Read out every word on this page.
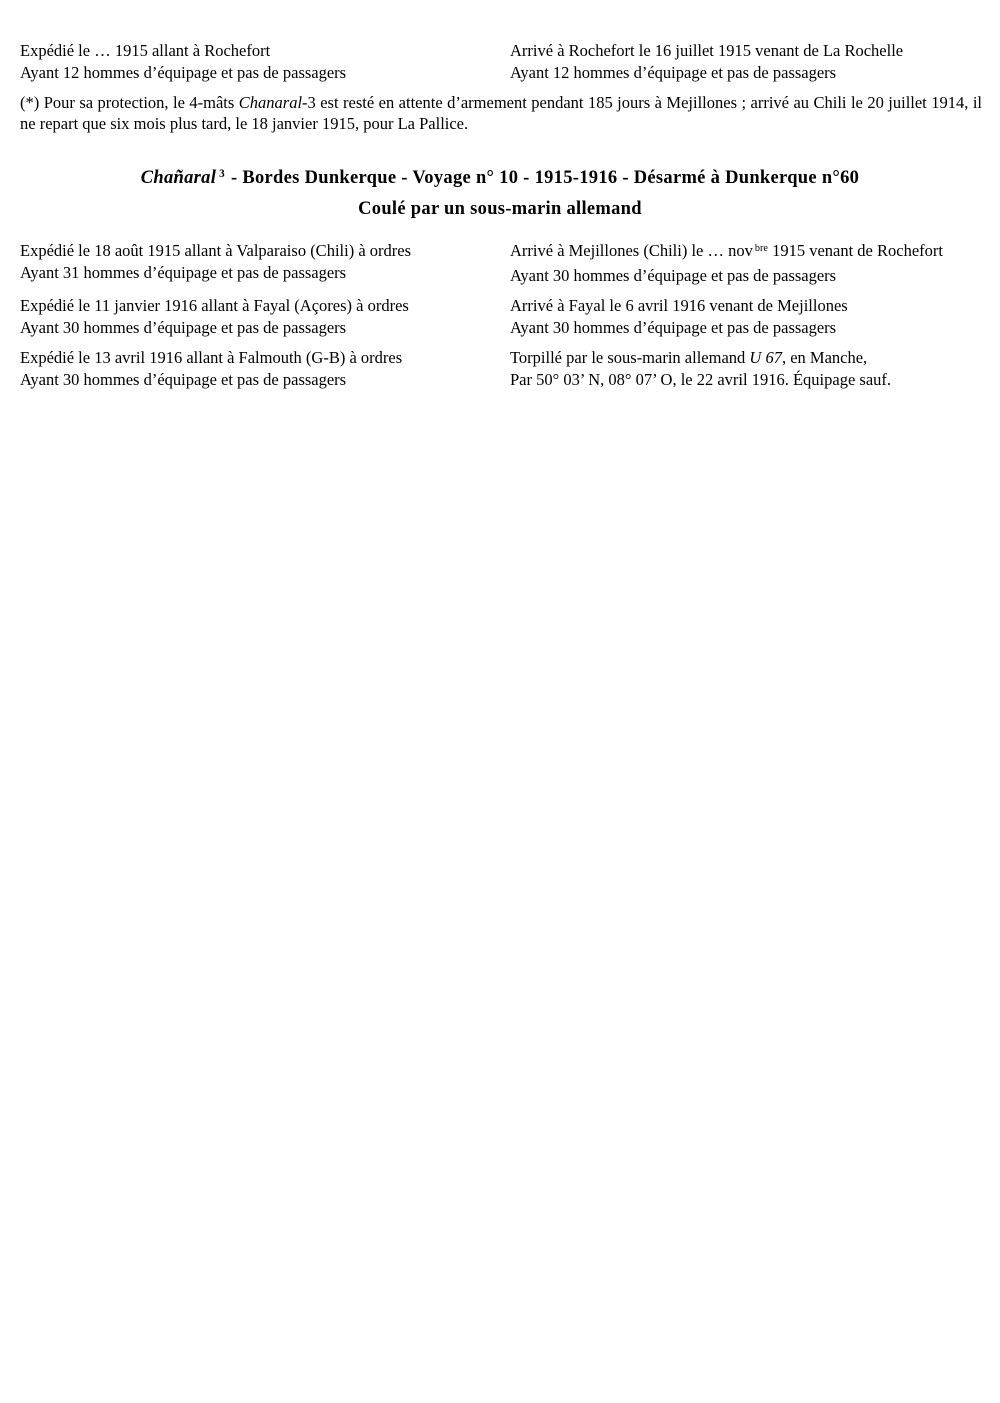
Expédié le … 1915 allant à Rochefort
Ayant 12 hommes d’équipage et pas de passagers
Arrivé à Rochefort le 16 juillet 1915 venant de La Rochelle
Ayant 12 hommes d’équipage et pas de passagers
(*) Pour sa protection, le 4-mâts Chanaral-3 est resté en attente d’armement pendant 185 jours à Mejillones ; arrivé au Chili le 20 juillet 1914, il ne repart que six mois plus tard, le 18 janvier 1915, pour La Pallice.
Chañaral $^3$ - Bordes Dunkerque - Voyage n° 10 - 1915-1916 - Désarmé à Dunkerque n°60
Coulé par un sous-marin allemand
Expédié le 18 août 1915 allant à Valparaiso (Chili) à ordres
Ayant 31 hommes d’équipage et pas de passagers
Arrivé à Mejillones (Chili) le … nov $^{bre}$ 1915 venant de Rochefort
Ayant 30 hommes d’équipage et pas de passagers
Expédié le 11 janvier 1916 allant à Fayal (Açores) à ordres
Ayant 30 hommes d’équipage et pas de passagers
Arrivé à Fayal le 6 avril 1916 venant de Mejillones
Ayant 30 hommes d’équipage et pas de passagers
Expédié le 13 avril 1916 allant à Falmouth (G-B) à ordres
Ayant 30 hommes d’équipage et pas de passagers
Torpillé par le sous-marin allemand U 67, en Manche,
Par 50° 03’ N, 08° 07’ O, le 22 avril 1916. Équipage sauf.
